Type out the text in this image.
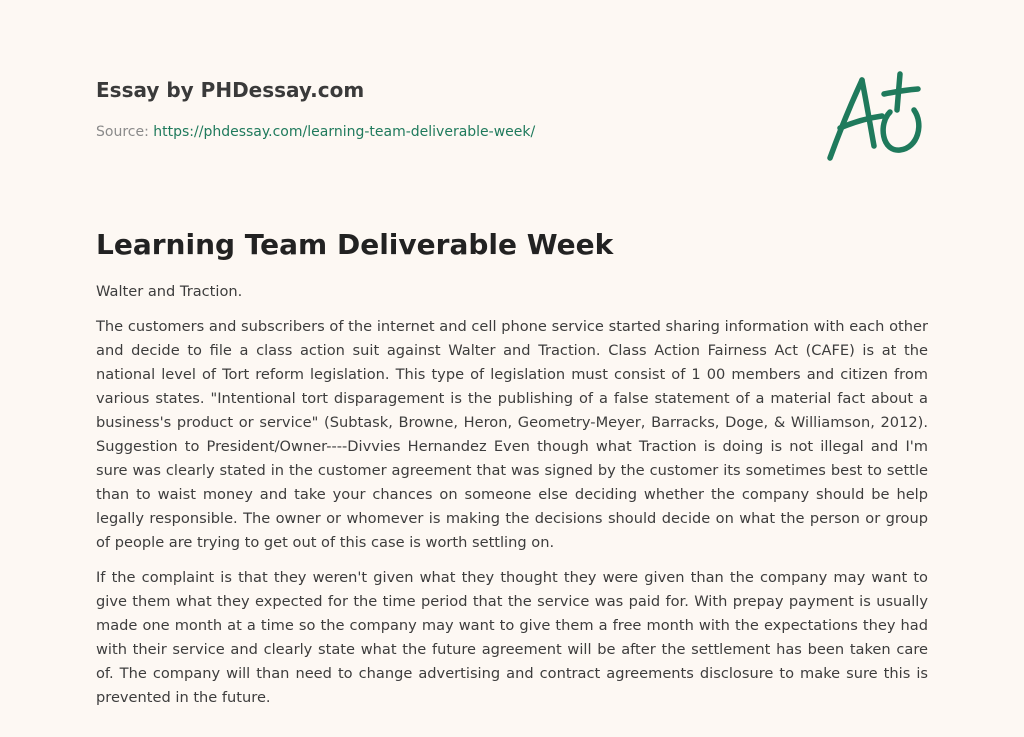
Essay by PHDessay.com
Source: https://phdessay.com/learning-team-deliverable-week/
Learning Team Deliverable Week

Walter and Traction.

The customers and subscribers of the internet and cell phone service started sharing information with each other and decide to file a class action suit against Walter and Traction. Class Action Fairness Act (CAFE) is at the national level of Tort reform legislation. This type of legislation must consist of 1 00 members and citizen from various states. "Intentional tort disparagement is the publishing of a false statement of a material fact about a business's product or service" (Subtask, Browne, Heron, Geometry-Meyer, Barracks, Doge, & Williamson, 2012). Suggestion to President/Owner----Divvies Hernandez Even though what Traction is doing is not illegal and I'm sure was clearly stated in the customer agreement that was signed by the customer its sometimes best to settle than to waist money and take your chances on someone else deciding whether the company should be help legally responsible. The owner or whomever is making the decisions should decide on what the person or group of people are trying to get out of this case is worth settling on.

If the complaint is that they weren't given what they thought they were given than the company may want to give them what they expected for the time period that the service was paid for. With prepay payment is usually made one month at a time so the company may want to give them a free month with the expectations they had with their service and clearly state what the future agreement will be after the settlement has been taken care of. The company will than need to change advertising and contract agreements disclosure to make sure this is prevented in the future.
